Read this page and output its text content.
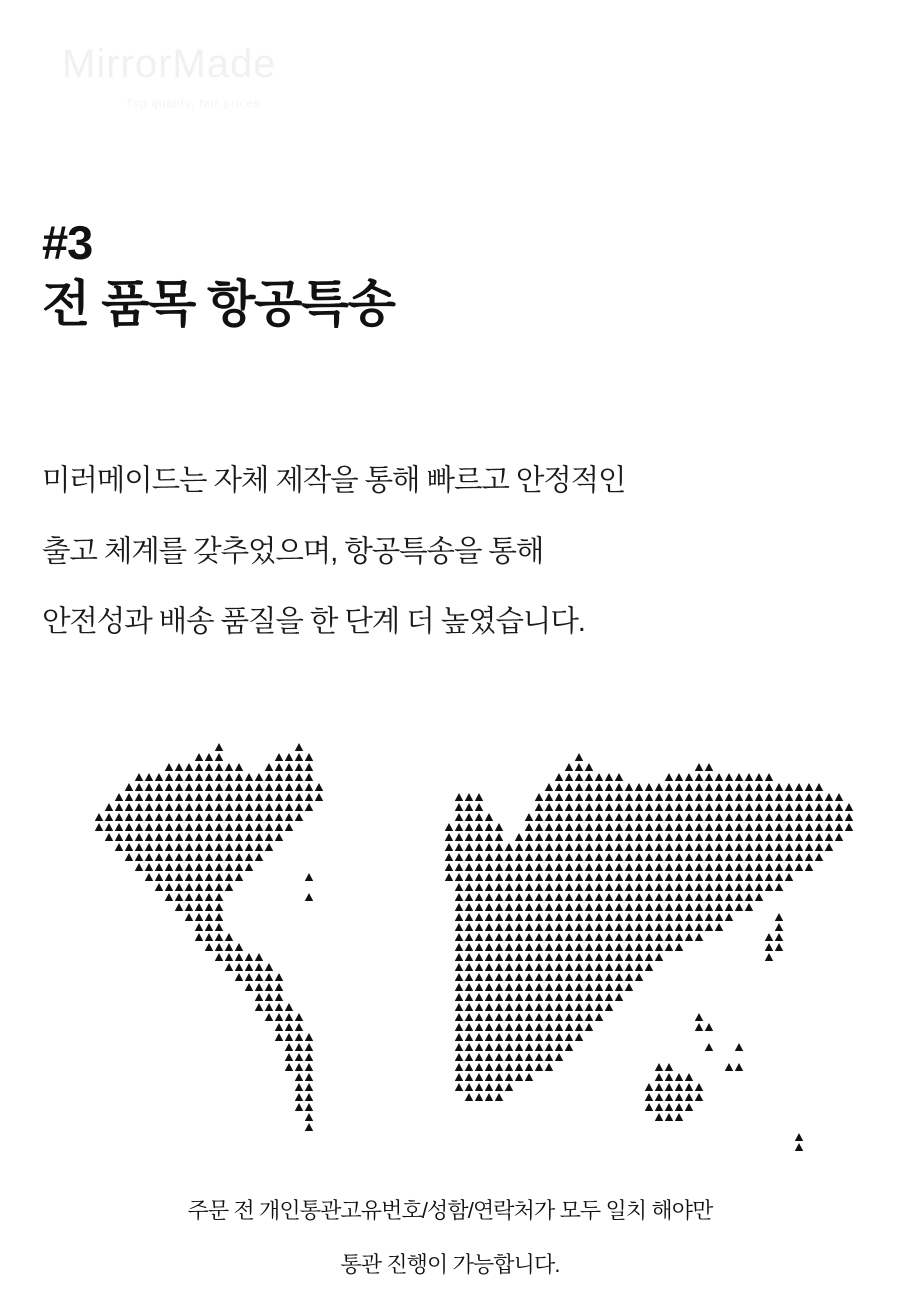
MirrorMade
Top quality, fair prices
#3
전 품목 항공특송

미러메이드는 자체 제작을 통해 빠르고 안정적인

출고 체계를 갖추었으며, 항공특송을 통해

안전성과 배송 품질을 한 단계 더 높였습니다.

주문 전 개인통관고유번호/성함/연락처가 모두 일치 해야만

통관 진행이 가능합니다.
